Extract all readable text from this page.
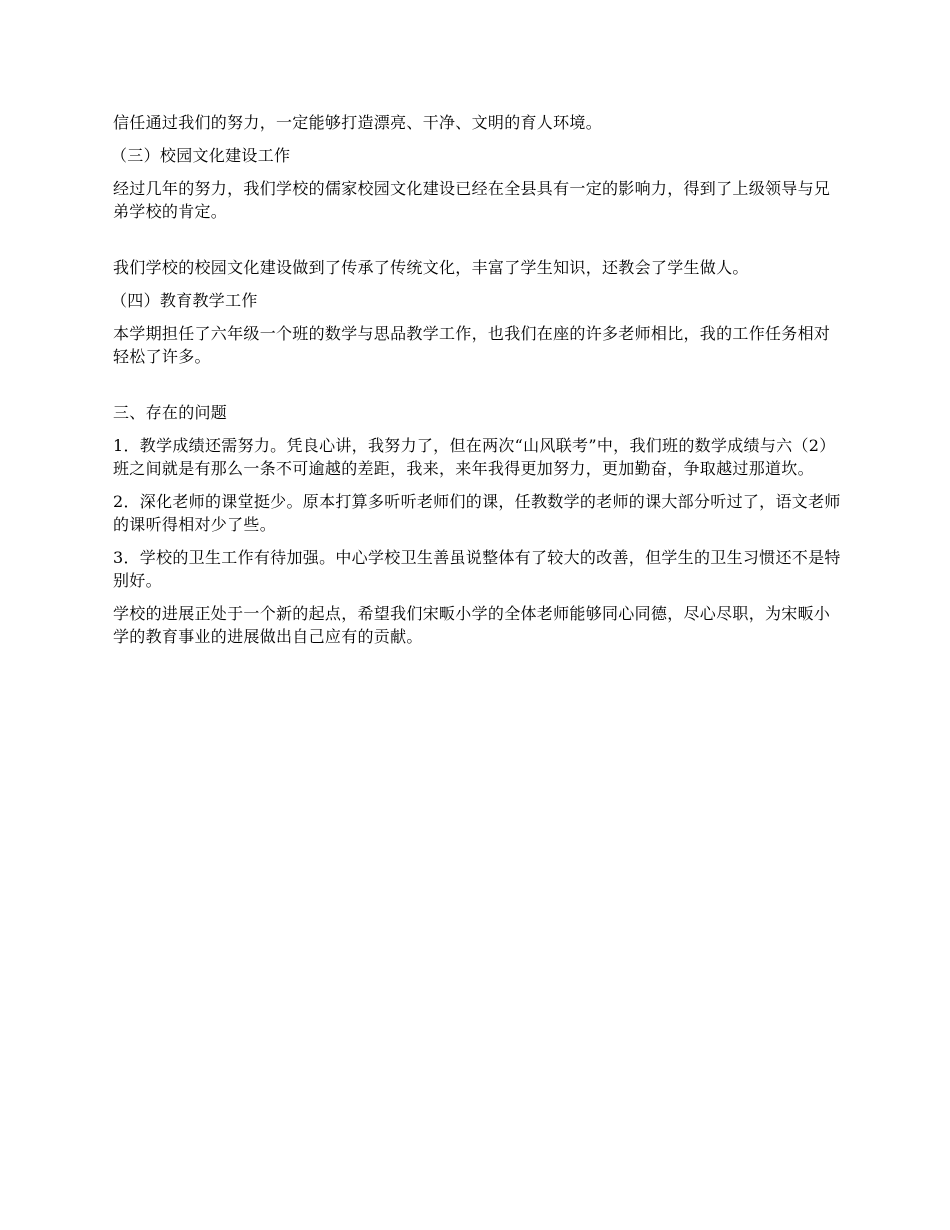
信任通过我们的努力，一定能够打造漂亮、干净、文明的育人环境。

（三）校园文化建设工作

经过几年的努力，我们学校的儒家校园文化建设已经在全县具有一定的影响力，得到了上级领导与兄弟学校的肯定。

我们学校的校园文化建设做到了传承了传统文化，丰富了学生知识，还教会了学生做人。

（四）教育教学工作

本学期担任了六年级一个班的数学与思品教学工作，也我们在座的许多老师相比，我的工作任务相对轻松了许多。

三、存在的问题

1．教学成绩还需努力。凭良心讲，我努力了，但在两次“山风联考”中，我们班的数学成绩与六（2）班之间就是有那么一条不可逾越的差距，我来，来年我得更加努力，更加勤奋，争取越过那道坎。

2．深化老师的课堂挺少。原本打算多听听老师们的课，任教数学的老师的课大部分听过了，语文老师的课听得相对少了些。

3．学校的卫生工作有待加强。中心学校卫生善虽说整体有了较大的改善，但学生的卫生习惯还不是特别好。

学校的进展正处于一个新的起点，希望我们宋畈小学的全体老师能够同心同德，尽心尽职，为宋畈小学的教育事业的进展做出自己应有的贡献。
